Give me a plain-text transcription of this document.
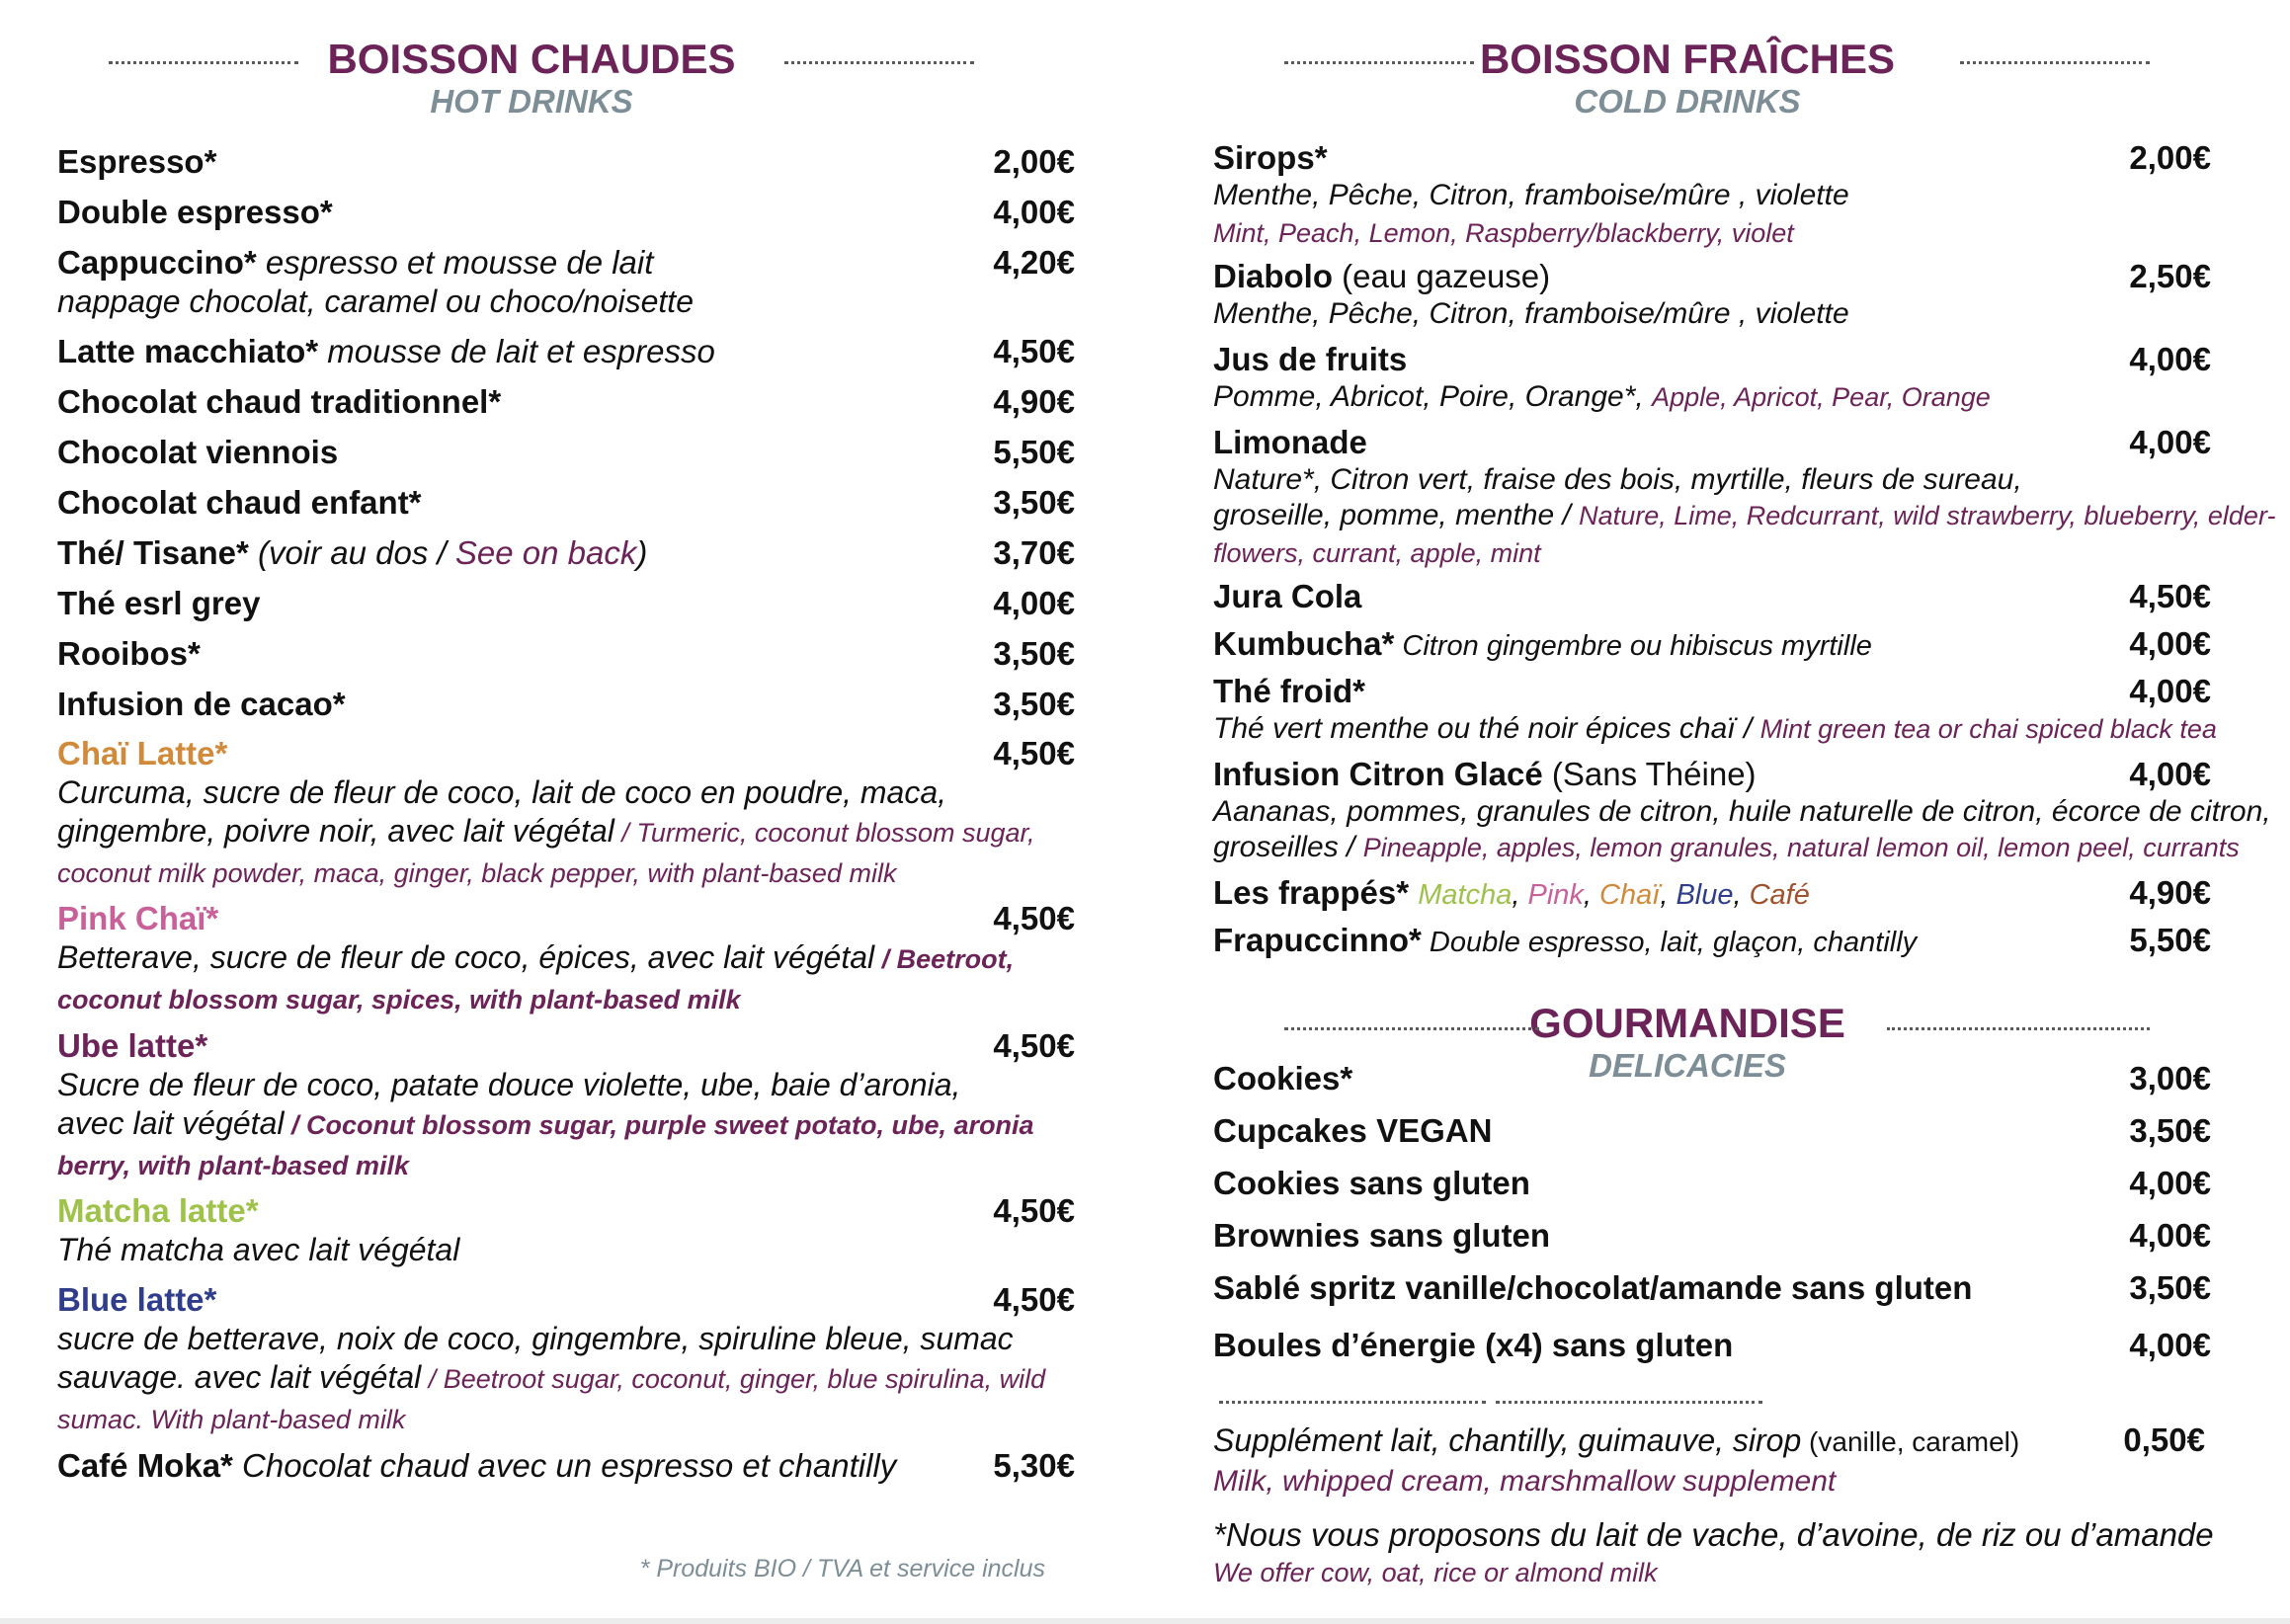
BOISSON CHAUDES
HOT DRINKS
Espresso*	2,00€
Double espresso*	4,00€
Cappuccino* espresso et mousse de lait	4,20€
nappage chocolat, caramel ou choco/noisette
Latte macchiato* mousse de lait et espresso	4,50€
Chocolat chaud traditionnel*	4,90€
Chocolat viennois	5,50€
Chocolat chaud enfant*	3,50€
Thé/ Tisane* (voir au dos / See on back)	3,70€
Thé esrl grey	4,00€
Rooibos*	3,50€
Infusion de cacao*	3,50€
Chaï Latte*	4,50€
Curcuma, sucre de fleur de coco, lait de coco en poudre, maca,
gingembre, poivre noir, avec lait végétal / Turmeric, coconut blossom sugar,
coconut milk powder, maca, ginger, black pepper, with plant-based milk
Pink Chaï*	4,50€
Betterave, sucre de fleur de coco, épices, avec lait végétal / Beetroot,
coconut blossom sugar, spices, with plant-based milk
Ube latte*	4,50€
Sucre de fleur de coco, patate douce violette, ube, baie d’aronia,
avec lait végétal / Coconut blossom sugar, purple sweet potato, ube, aronia
berry, with plant-based milk
Matcha latte*	4,50€
Thé matcha avec lait végétal
Blue latte*	4,50€
sucre de betterave, noix de coco, gingembre, spiruline bleue, sumac
sauvage. avec lait végétal / Beetroot sugar, coconut, ginger, blue spirulina, wild
sumac. With plant-based milk
Café Moka* Chocolat chaud avec un espresso et chantilly	5,30€
* Produits BIO / TVA et service inclus
BOISSON FRAÎCHES
COLD DRINKS
Sirops*	2,00€
Menthe, Pêche, Citron, framboise/mûre , violette
Mint, Peach, Lemon, Raspberry/blackberry, violet
Diabolo (eau gazeuse)	2,50€
Menthe, Pêche, Citron, framboise/mûre , violette
Jus de fruits	4,00€
Pomme, Abricot, Poire, Orange*, Apple, Apricot, Pear, Orange
Limonade	4,00€
Nature*, Citron vert, fraise des bois, myrtille, fleurs de sureau,
groseille, pomme, menthe / Nature, Lime, Redcurrant, wild strawberry, blueberry, elder-
flowers, currant, apple, mint
Jura Cola	4,50€
Kumbucha* Citron gingembre ou hibiscus myrtille	4,00€
Thé froid*	4,00€
Thé vert menthe ou thé noir épices chaï / Mint green tea or chai spiced black tea
Infusion Citron Glacé (Sans Théine)	4,00€
Aananas, pommes, granules de citron, huile naturelle de citron, écorce de citron,
groseilles / Pineapple, apples, lemon granules, natural lemon oil, lemon peel, currants
Les frappés* Matcha, Pink, Chaï, Blue, Café	4,90€
Frapuccinno* Double espresso, lait, glaçon, chantilly	5,50€
GOURMANDISE
DELICACIES
Cookies*	3,00€
Cupcakes VEGAN	3,50€
Cookies sans gluten	4,00€
Brownies sans gluten	4,00€
Sablé spritz vanille/chocolat/amande sans gluten	3,50€
Boules d’énergie (x4) sans gluten	4,00€
Supplément lait, chantilly, guimauve, sirop (vanille, caramel)	0,50€
Milk, whipped cream, marshmallow supplement
*Nous vous proposons du lait de vache, d’avoine, de riz ou d’amande
We offer cow, oat, rice or almond milk
